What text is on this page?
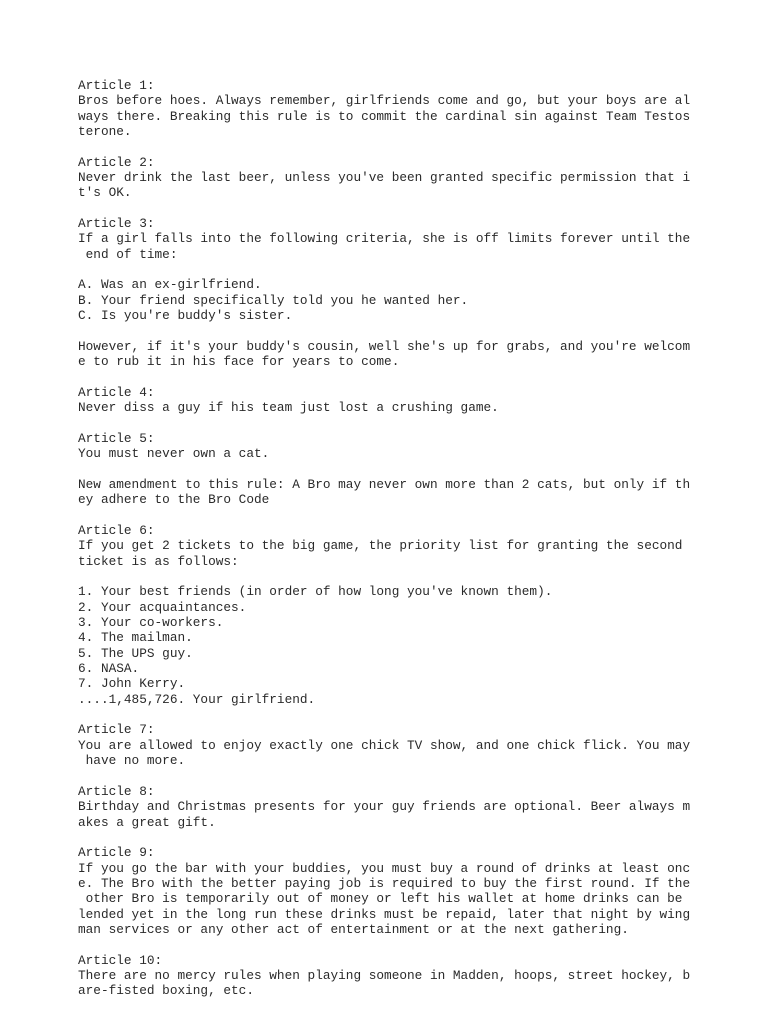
Article 1:
Bros before hoes. Always remember, girlfriends come and go, but your boys are al
ways there. Breaking this rule is to commit the cardinal sin against Team Testos
terone.
Article 2:
Never drink the last beer, unless you've been granted specific permission that i
t's OK.
Article 3:
If a girl falls into the following criteria, she is off limits forever until the
end of time:
A. Was an ex-girlfriend.
B. Your friend specifically told you he wanted her.
C. Is you're buddy's sister.
However, if it's your buddy's cousin, well she's up for grabs, and you're welcom
e to rub it in his face for years to come.
Article 4:
Never diss a guy if his team just lost a crushing game.
Article 5:
You must never own a cat.
New amendment to this rule: A Bro may never own more than 2 cats, but only if th
ey adhere to the Bro Code
Article 6:
If you get 2 tickets to the big game, the priority list for granting the second
ticket is as follows:
1. Your best friends (in order of how long you've known them).
2. Your acquaintances.
3. Your co-workers.
4. The mailman.
5. The UPS guy.
6. NASA.
7. John Kerry.
....1,485,726. Your girlfriend.
Article 7:
You are allowed to enjoy exactly one chick TV show, and one chick flick. You may
have no more.
Article 8:
Birthday and Christmas presents for your guy friends are optional. Beer always m
akes a great gift.
Article 9:
If you go the bar with your buddies, you must buy a round of drinks at least onc
e. The Bro with the better paying job is required to buy the first round. If the
other Bro is temporarily out of money or left his wallet at home drinks can be
lended yet in the long run these drinks must be repaid, later that night by wing
man services or any other act of entertainment or at the next gathering.
Article 10:
There are no mercy rules when playing someone in Madden, hoops, street hockey, b
are-fisted boxing, etc.
